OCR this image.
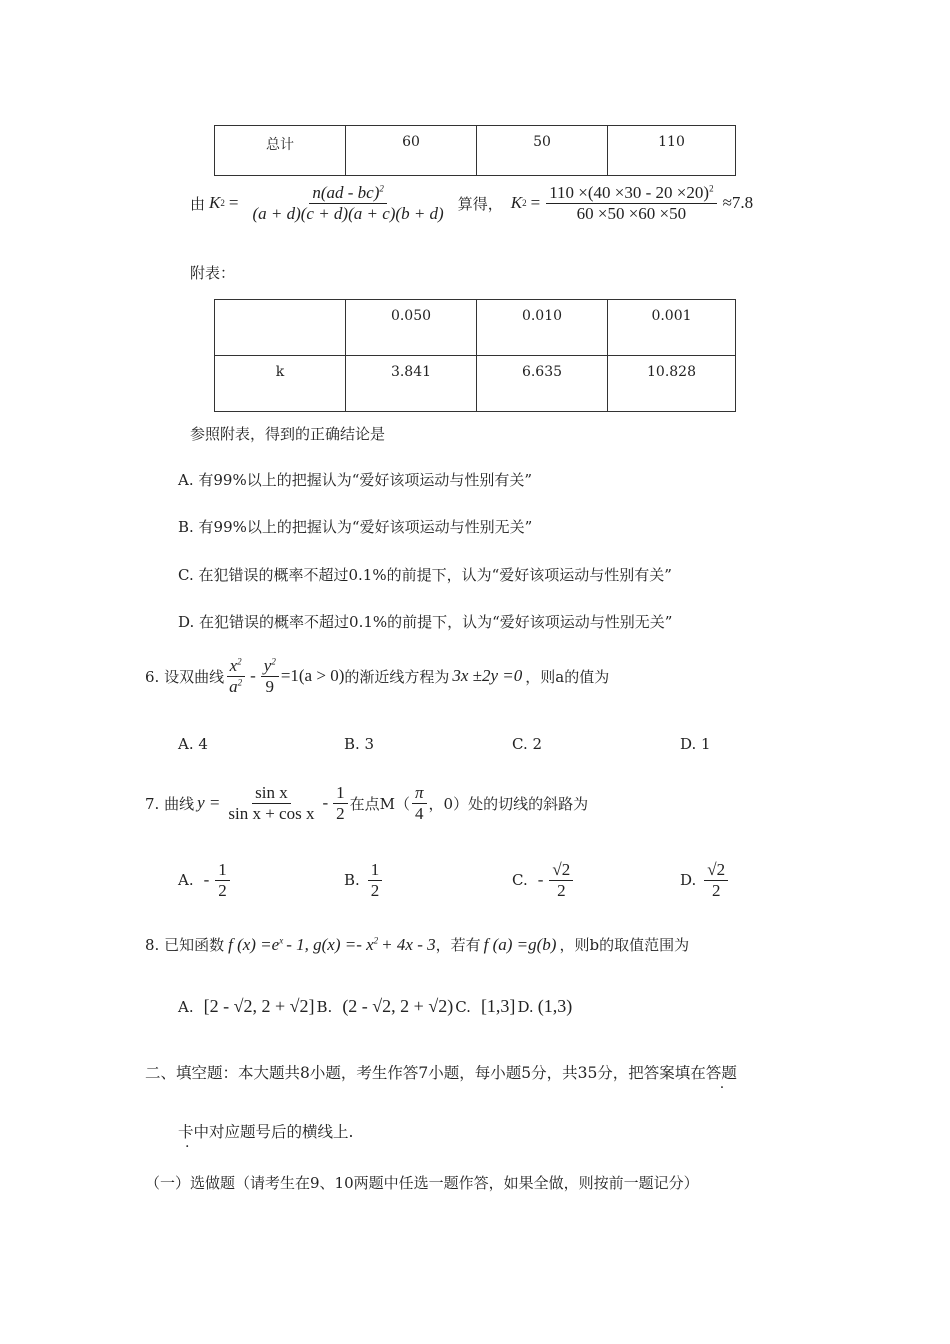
总计	60	50	110
由 K $2 = \frac{n(ad - bc)^2}{(a + d)(c + d)(a + c)(b + d)}$ 算得， K $2 = \frac{110 \times(40 \times 30 - 20 \times 20)^2}{60 \times 50 \times 60 \times 50} \approx 7.8$
附表：
	0.050	0.010	0.001
k	3.841	6.635	10.828
参照附表，得到的正确结论是
A. 有99%以上的把握认为“爱好该项运动与性别有关”
B. 有99%以上的把握认为“爱好该项运动与性别无关”
C. 在犯错误的概率不超过0.1%的前提下，认为“爱好该项运动与性别有关”
D. 在犯错误的概率不超过0.1%的前提下，认为“爱好该项运动与性别无关”
6. 设双曲线 $\frac{x^2}{a^2} - \frac{y^2}{9} =1(a > 0)$ 的渐近线方程为 3x ±2y =0 ，则a的值为
A. 4	B. 3	C. 2	D. 1
7. 曲线 $y = \frac{\text{sin x}}{\text{sin x + cos x}} - \frac{1}{2}$ 在点$M( \frac{\pi}{4}$ ，0）处的切线的斜路为
A. - $\frac{1}{2}$	B. $\frac{1}{2}$	C. - $\frac{√2}{2}$	D. $\frac{√2}{2}$
8. 已知函数 f $(x) =e^x - 1$, $g(x) =- x^2 + 4x - 3$ ，若有 f (a) =g(b) ，则b的取值范围为
A. [2 - √2, 2 + √2] B. (2 - √2, 2 + √2) C. [1,3] D. (1,3)
二、填空题：本大题共8小题，考生作答7小题，每小题5分，共35分，把答案填在答题
卡中对应题号后的横线上.
（一）选做题（请考生在9、10两题中任选一题作答，如果全做，则按前一题记分）
